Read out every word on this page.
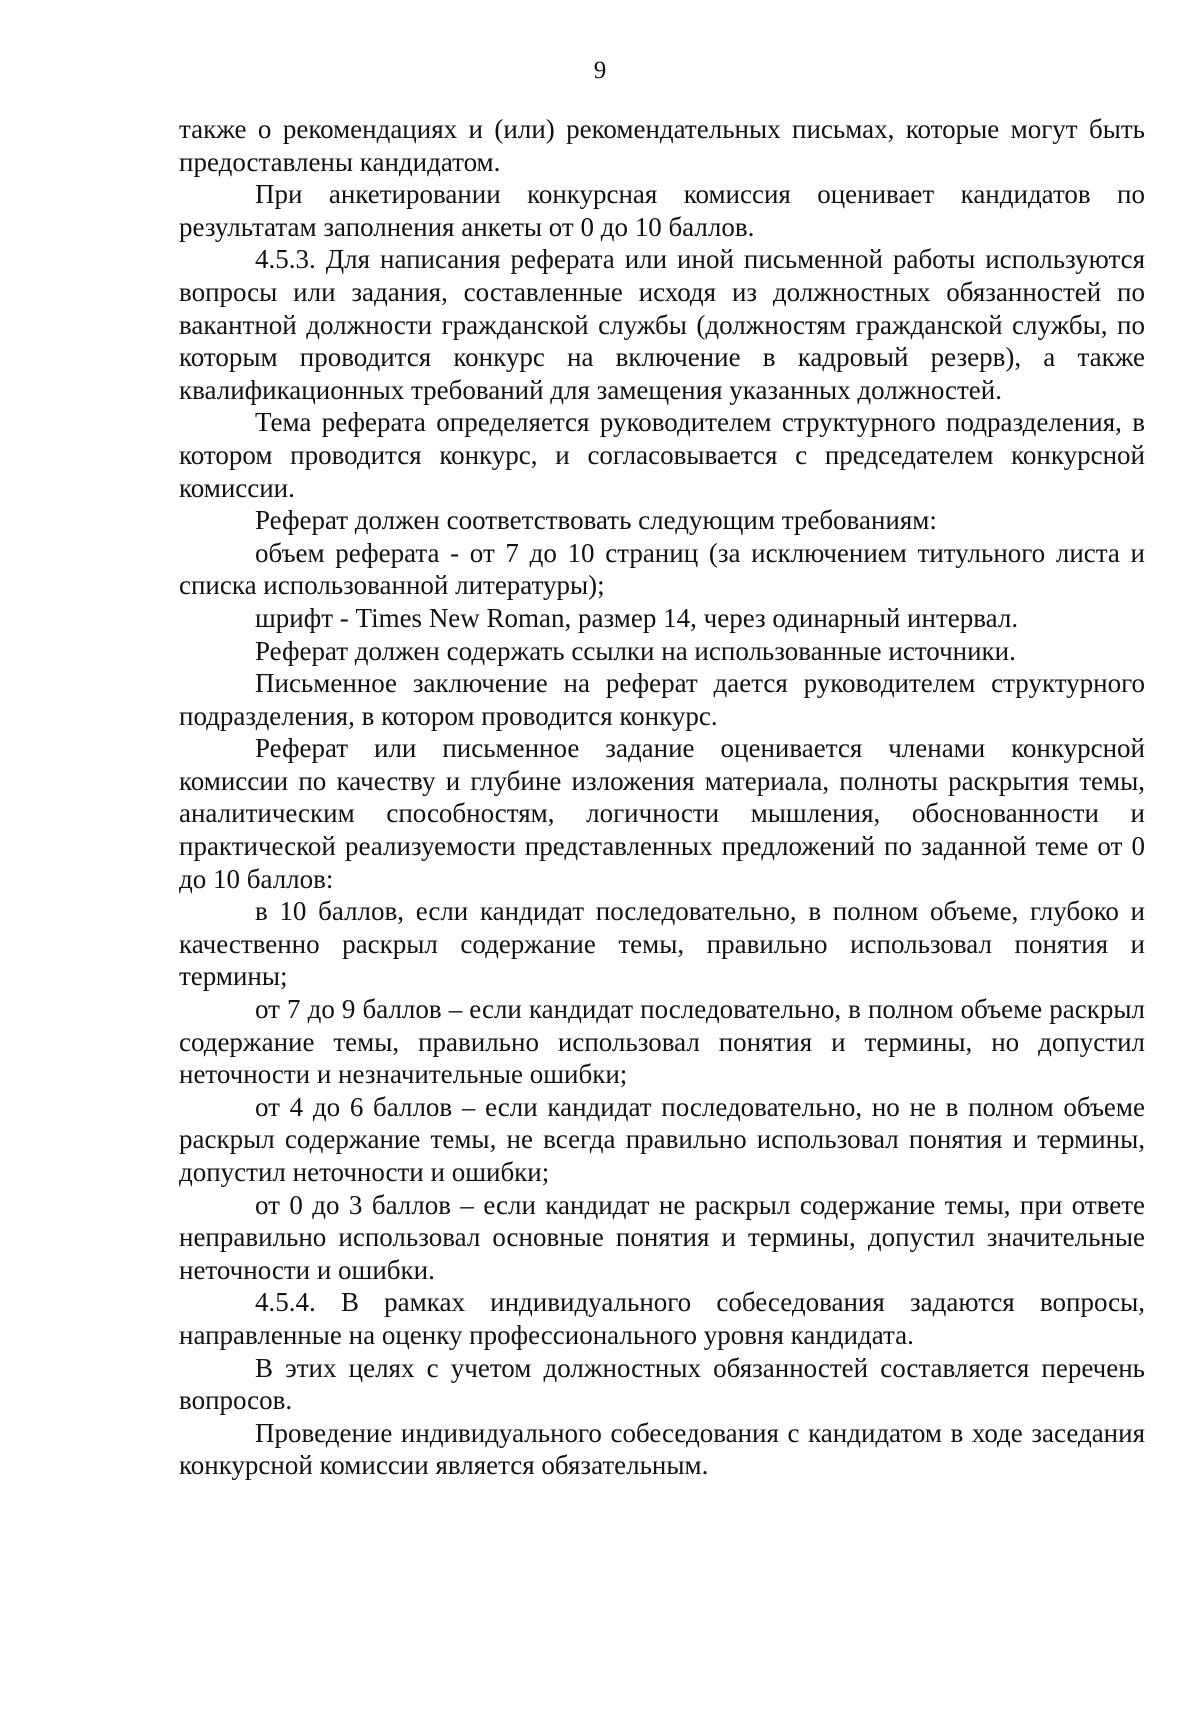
9

также о рекомендациях и (или) рекомендательных письмах, которые могут быть предоставлены кандидатом.

При анкетировании конкурсная комиссия оценивает кандидатов по результатам заполнения анкеты от 0 до 10 баллов.

4.5.3. Для написания реферата или иной письменной работы используются вопросы или задания, составленные исходя из должностных обязанностей по вакантной должности гражданской службы (должностям гражданской службы, по которым проводится конкурс на включение в кадровый резерв), а также квалификационных требований для замещения указанных должностей.

Тема реферата определяется руководителем структурного подразделения, в котором проводится конкурс, и согласовывается с председателем конкурсной комиссии.

Реферат должен соответствовать следующим требованиям:

объем реферата - от 7 до 10 страниц (за исключением титульного листа и списка использованной литературы);

шрифт - Times New Roman, размер 14, через одинарный интервал.

Реферат должен содержать ссылки на использованные источники.

Письменное заключение на реферат дается руководителем структурного подразделения, в котором проводится конкурс.

Реферат или письменное задание оценивается членами конкурсной комиссии по качеству и глубине изложения материала, полноты раскрытия темы, аналитическим способностям, логичности мышления, обоснованности и практической реализуемости представленных предложений по заданной теме от 0 до 10 баллов:

в 10 баллов, если кандидат последовательно, в полном объеме, глубоко и качественно раскрыл содержание темы, правильно использовал понятия и термины;

от 7 до 9 баллов – если кандидат последовательно, в полном объеме раскрыл содержание темы, правильно использовал понятия и термины, но допустил неточности и незначительные ошибки;

от 4 до 6 баллов – если кандидат последовательно, но не в полном объеме раскрыл содержание темы, не всегда правильно использовал понятия и термины, допустил неточности и ошибки;

от 0 до 3 баллов – если кандидат не раскрыл содержание темы, при ответе неправильно использовал основные понятия и термины, допустил значительные неточности и ошибки.

4.5.4. В рамках индивидуального собеседования задаются вопросы, направленные на оценку профессионального уровня кандидата.

В этих целях с учетом должностных обязанностей составляется перечень вопросов.

Проведение индивидуального собеседования с кандидатом в ходе заседания конкурсной комиссии является обязательным.
